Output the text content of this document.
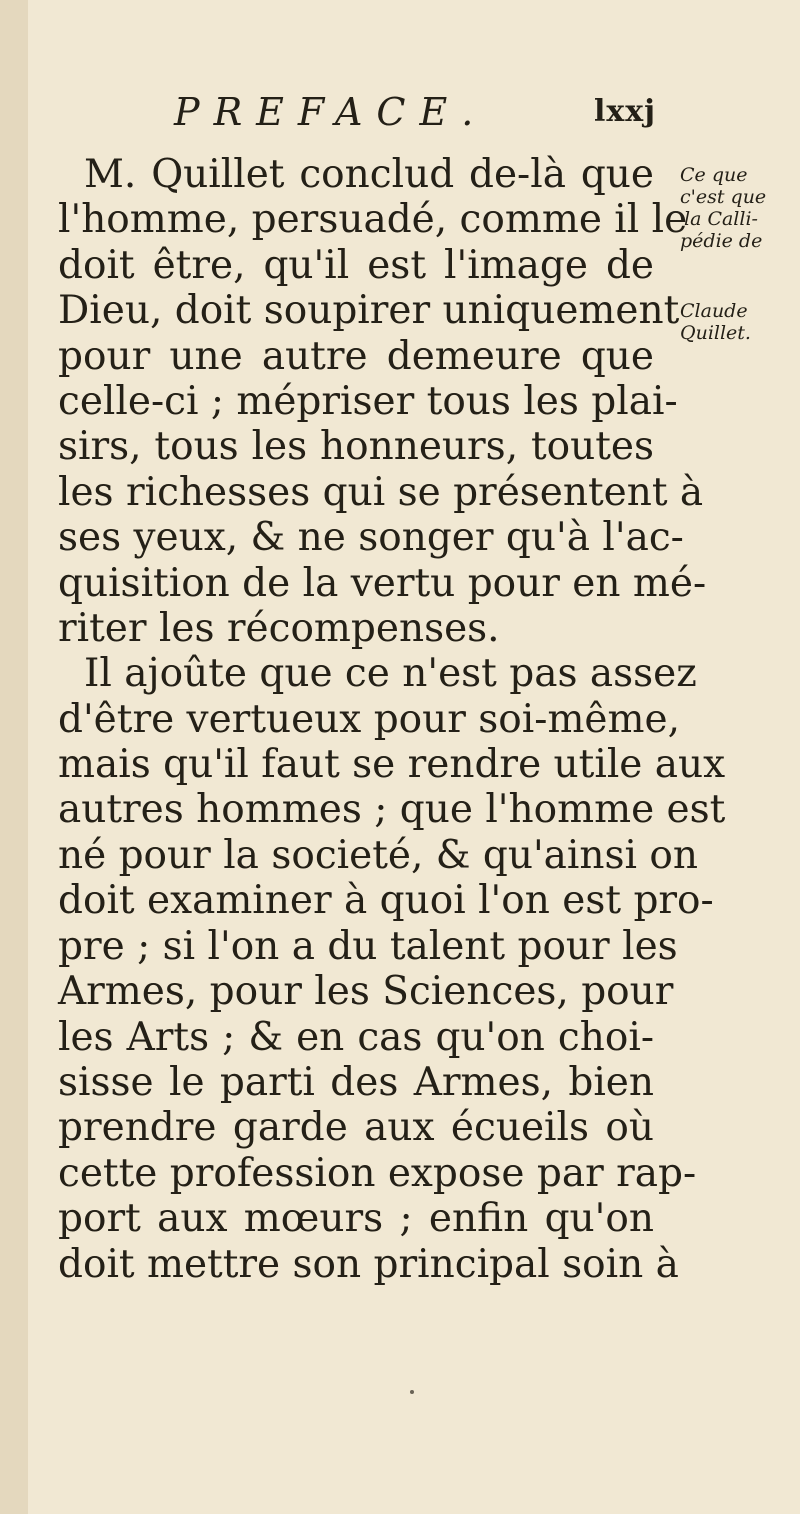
PREFACE.	lxxj
M. Quillet conclud de-là que
l'homme, persuadé, comme il le
doit être, qu'il est l'image de
Dieu, doit soupirer uniquement
pour une autre demeure que
celle-ci ; mépriser tous les plai-
sirs, tous les honneurs, toutes
les richesses qui se présentent à
ses yeux, & ne songer qu'à l'ac-
quisition de la vertu pour en mé-
riter les récompenses.
Il ajoûte que ce n'est pas assez
d'être vertueux pour soi-même,
mais qu'il faut se rendre utile aux
autres hommes ; que l'homme est
né pour la societé, & qu'ainsi on
doit examiner à quoi l'on est pro-
pre ; si l'on a du talent pour les
Armes, pour les Sciences, pour
les Arts ; & en cas qu'on choi-
sisse le parti des Armes, bien
prendre garde aux écueils où
cette profession expose par rap-
port aux mœurs ; enfin qu'on
doit mettre son principal soin à
Ce que
c'est que
la Calli-
pédie de
Claude
Quillet.
